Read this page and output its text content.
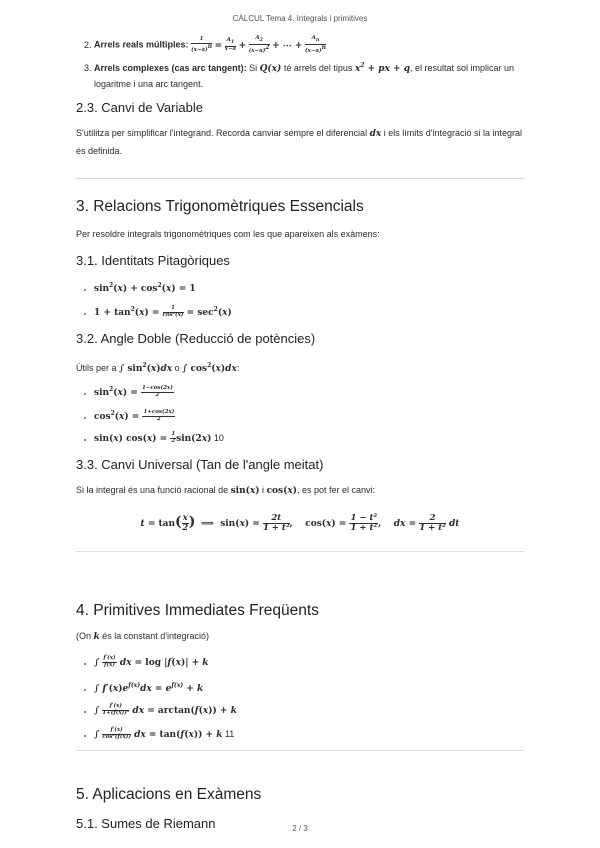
CÀLCUL Tema 4. Integrals i primitives
2. Arrels reals múltiples: $\frac{1}{(x-a)^n} = \frac{A_1}{x-a} + \frac{A_2}{(x-a)^2}$ + ⋯ + $\frac{A_n}{(x-a)^n}$
3. Arrels complexes (cas arc tangent): Si Q(x) té arrels del tipus $x^2$ + px + q, el resultat sol implicar un logaritme i una arc tangent.
2.3. Canvi de Variable

S'utilitza per simplificar l'integrand. Recorda canviar sempre el diferencial dx i els límits d'integració si la integral és definida.

3. Relacions Trigonomètriques Essencials

Per resoldre integrals trigonomètriques com les que apareixen als exàmens:

3.1. Identitats Pitagòriques
• $\sin^2(x) + \cos^2(x) = 1$
• $1 + \tan^2(x) = \frac{1}{\text{cos²(x)}} = \sec^2(x)$
3.2. Angle Doble (Reducció de potències)

Útils per a ∫ $\sin^2(x)dx$ o ∫ $\cos^2(x)dx$:

• $\sin^2(x) = \frac{1-\cos(2x)}{2}$
• $\cos^2(x) = \frac{1+\cos(2x)}{2}$
• sin(x) $\cos(x) = \frac{1}{2} \sin(2x)$ 10
3.3. Canvi Universal (Tan de l'angle meitat)

Si la integral és una funció racional de sin(x) i cos(x), es pot fer el canvi:

$t = \tan( \frac{x}{2}$ )  ⟹  $\sin(x) = \frac{2t}{\text{1 + t²}}$ ,    $\cos(x) = \frac{\text{1 − t²}}{\text{1 + t²}}$ ,    dx = $\frac{2}{\text{1 + t²}}$ dt
4. Primitives Immediates Freqüents

(On k és la constant d'integració)

• ∫ $\frac{f'(x)}{f(x)}$ dx = log |f(x)| + k
• ∫ $f'(x)e^{f(x)}dx = e^{f(x)} + k$
• ∫ $\frac{f'(x)}{\text{1+(f(x))²}}$ dx = arctan(f(x)) + k
• ∫ $\frac{f'(x)}{\text{cos²(f(x))}}$ dx = tan(f(x)) + k 11
5. Aplicacions en Exàmens
5.1. Sumes de Riemann	2 / 3
